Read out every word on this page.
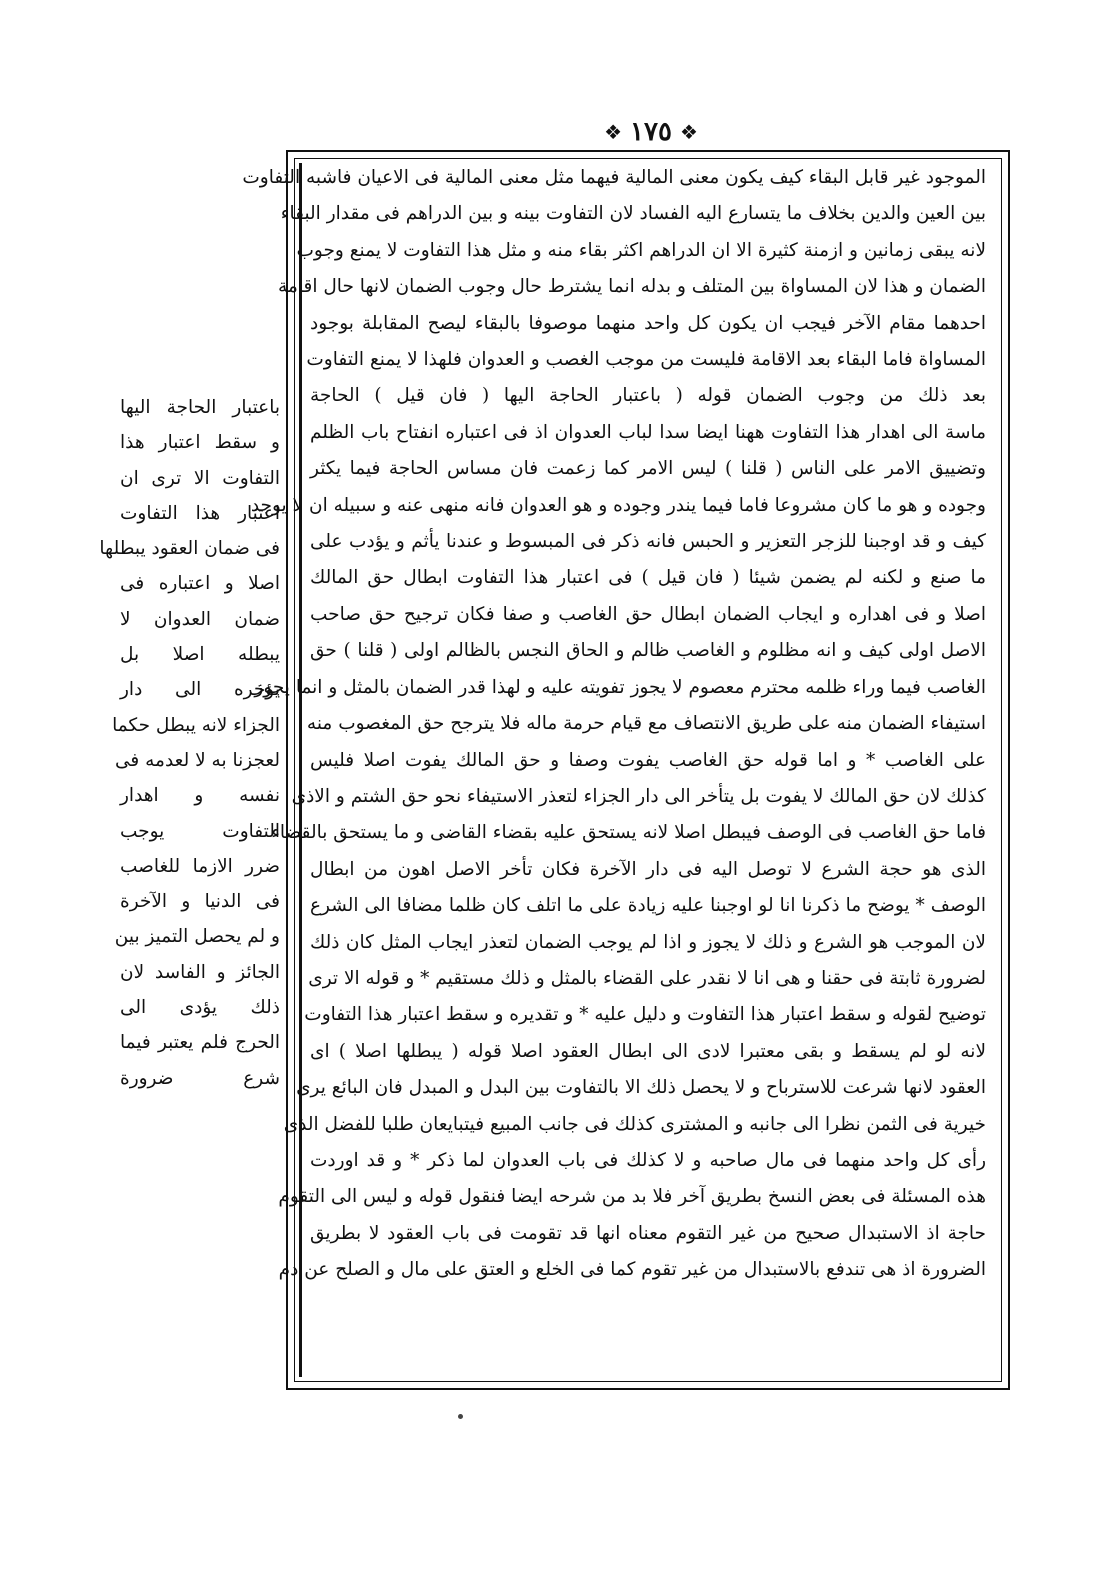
❖
١٧٥
❖
الموجود غير قابل البقاء كيف يكون معنى المالية فيهما مثل معنى المالية فى الاعيان فاشبه التفاوت
بين العين والدين بخلاف ما يتسارع اليه الفساد لان التفاوت بينه و بين الدراهم فى مقدار البقاء
لانه يبقى زمانين و ازمنة كثيرة الا ان الدراهم اكثر بقاء منه و مثل هذا التفاوت لا يمنع وجوب
الضمان و هذا لان المساواة بين المتلف و بدله انما يشترط حال وجوب الضمان لانها حال اقامة
احدهما مقام الآخر فيجب ان يكون كل واحد منهما موصوفا بالبقاء ليصح المقابلة بوجود
المساواة فاما البقاء بعد الاقامة فليست من موجب الغصب و العدوان فلهذا لا يمنع التفاوت
بعد ذلك من وجوب الضمان قوله ( باعتبار الحاجة اليها ( فان قيل ) الحاجة
ماسة الى اهدار هذا التفاوت ههنا ايضا سدا لباب العدوان اذ فى اعتباره انفتاح باب الظلم
وتضييق الامر على الناس ( قلنا ) ليس الامر كما زعمت فان مساس الحاجة فيما يكثر
وجوده و هو ما كان مشروعا فاما فيما يندر وجوده و هو العدوان فانه منهى عنه و سبيله ان لا يوجد
كيف و قد اوجبنا للزجر التعزير و الحبس فانه ذكر فى المبسوط و عندنا يأثم و يؤدب على
ما صنع و لكنه لم يضمن شيئا ( فان قيل ) فى اعتبار هذا التفاوت ابطال حق المالك
اصلا و فى اهداره و ايجاب الضمان ابطال حق الغاصب و صفا فكان ترجيح حق صاحب
الاصل اولى كيف و انه مظلوم و الغاصب ظالم و الحاق النجس بالظالم اولى ( قلنا ) حق
الغاصب فيما وراء ظلمه محترم معصوم لا يجوز تفويته عليه و لهذا قدر الضمان بالمثل و انما يجوز
استيفاء الضمان منه على طريق الانتصاف مع قيام حرمة ماله فلا يترجح حق المغصوب منه
على الغاصب * و اما قوله حق الغاصب يفوت وصفا و حق المالك يفوت اصلا فليس
كذلك لان حق المالك لا يفوت بل يتأخر الى دار الجزاء لتعذر الاستيفاء نحو حق الشتم و الاذى
فاما حق الغاصب فى الوصف فيبطل اصلا لانه يستحق عليه بقضاء القاضى و ما يستحق بالقضاء
الذى هو حجة الشرع لا توصل اليه فى دار الآخرة فكان تأخر الاصل اهون من ابطال
الوصف * يوضح ما ذكرنا انا لو اوجبنا عليه زيادة على ما اتلف كان ظلما مضافا الى الشرع
لان الموجب هو الشرع و ذلك لا يجوز و اذا لم يوجب الضمان لتعذر ايجاب المثل كان ذلك
لضرورة ثابتة فى حقنا و هى انا لا نقدر على القضاء بالمثل و ذلك مستقيم * و قوله الا ترى
توضيح لقوله و سقط اعتبار هذا التفاوت و دليل عليه * و تقديره و سقط اعتبار هذا التفاوت
لانه لو لم يسقط و بقى معتبرا لادى الى ابطال العقود اصلا قوله ( يبطلها اصلا ) اى
العقود لانها شرعت للاسترباح و لا يحصل ذلك الا بالتفاوت بين البدل و المبدل فان البائع يرى
خيرية فى الثمن نظرا الى جانبه و المشترى كذلك فى جانب المبيع فيتبايعان طلبا للفضل الذى
رأى كل واحد منهما فى مال صاحبه و لا كذلك فى باب العدوان لما ذكر * و قد اوردت
هذه المسئلة فى بعض النسخ بطريق آخر فلا بد من شرحه ايضا فنقول قوله و ليس الى التقوم
حاجة اذ الاستبدال صحيح من غير التقوم معناه انها قد تقومت فى باب العقود لا بطريق
الضرورة اذ هى تندفع بالاستبدال من غير تقوم كما فى الخلع و العتق على مال و الصلح عن دم
باعتبار الحاجة اليها
و سقط اعتبار هذا
التفاوت الا ترى ان
اعتبار هذا التفاوت
فى ضمان العقود يبطلها
اصلا و اعتباره فى
ضمان العدوان لا
يبطله اصلا بل
يؤخره الى دار
الجزاء لانه يبطل حكما
لعجزنا به لا لعدمه فى
نفسه و اهدار
التفاوت يوجب
ضرر الازما للغاصب
فى الدنيا و الآخرة
و لم يحصل التميز بين
الجائز و الفاسد لان
ذلك يؤدى الى
الحرج فلم يعتبر فيما
شرع ضرورة
